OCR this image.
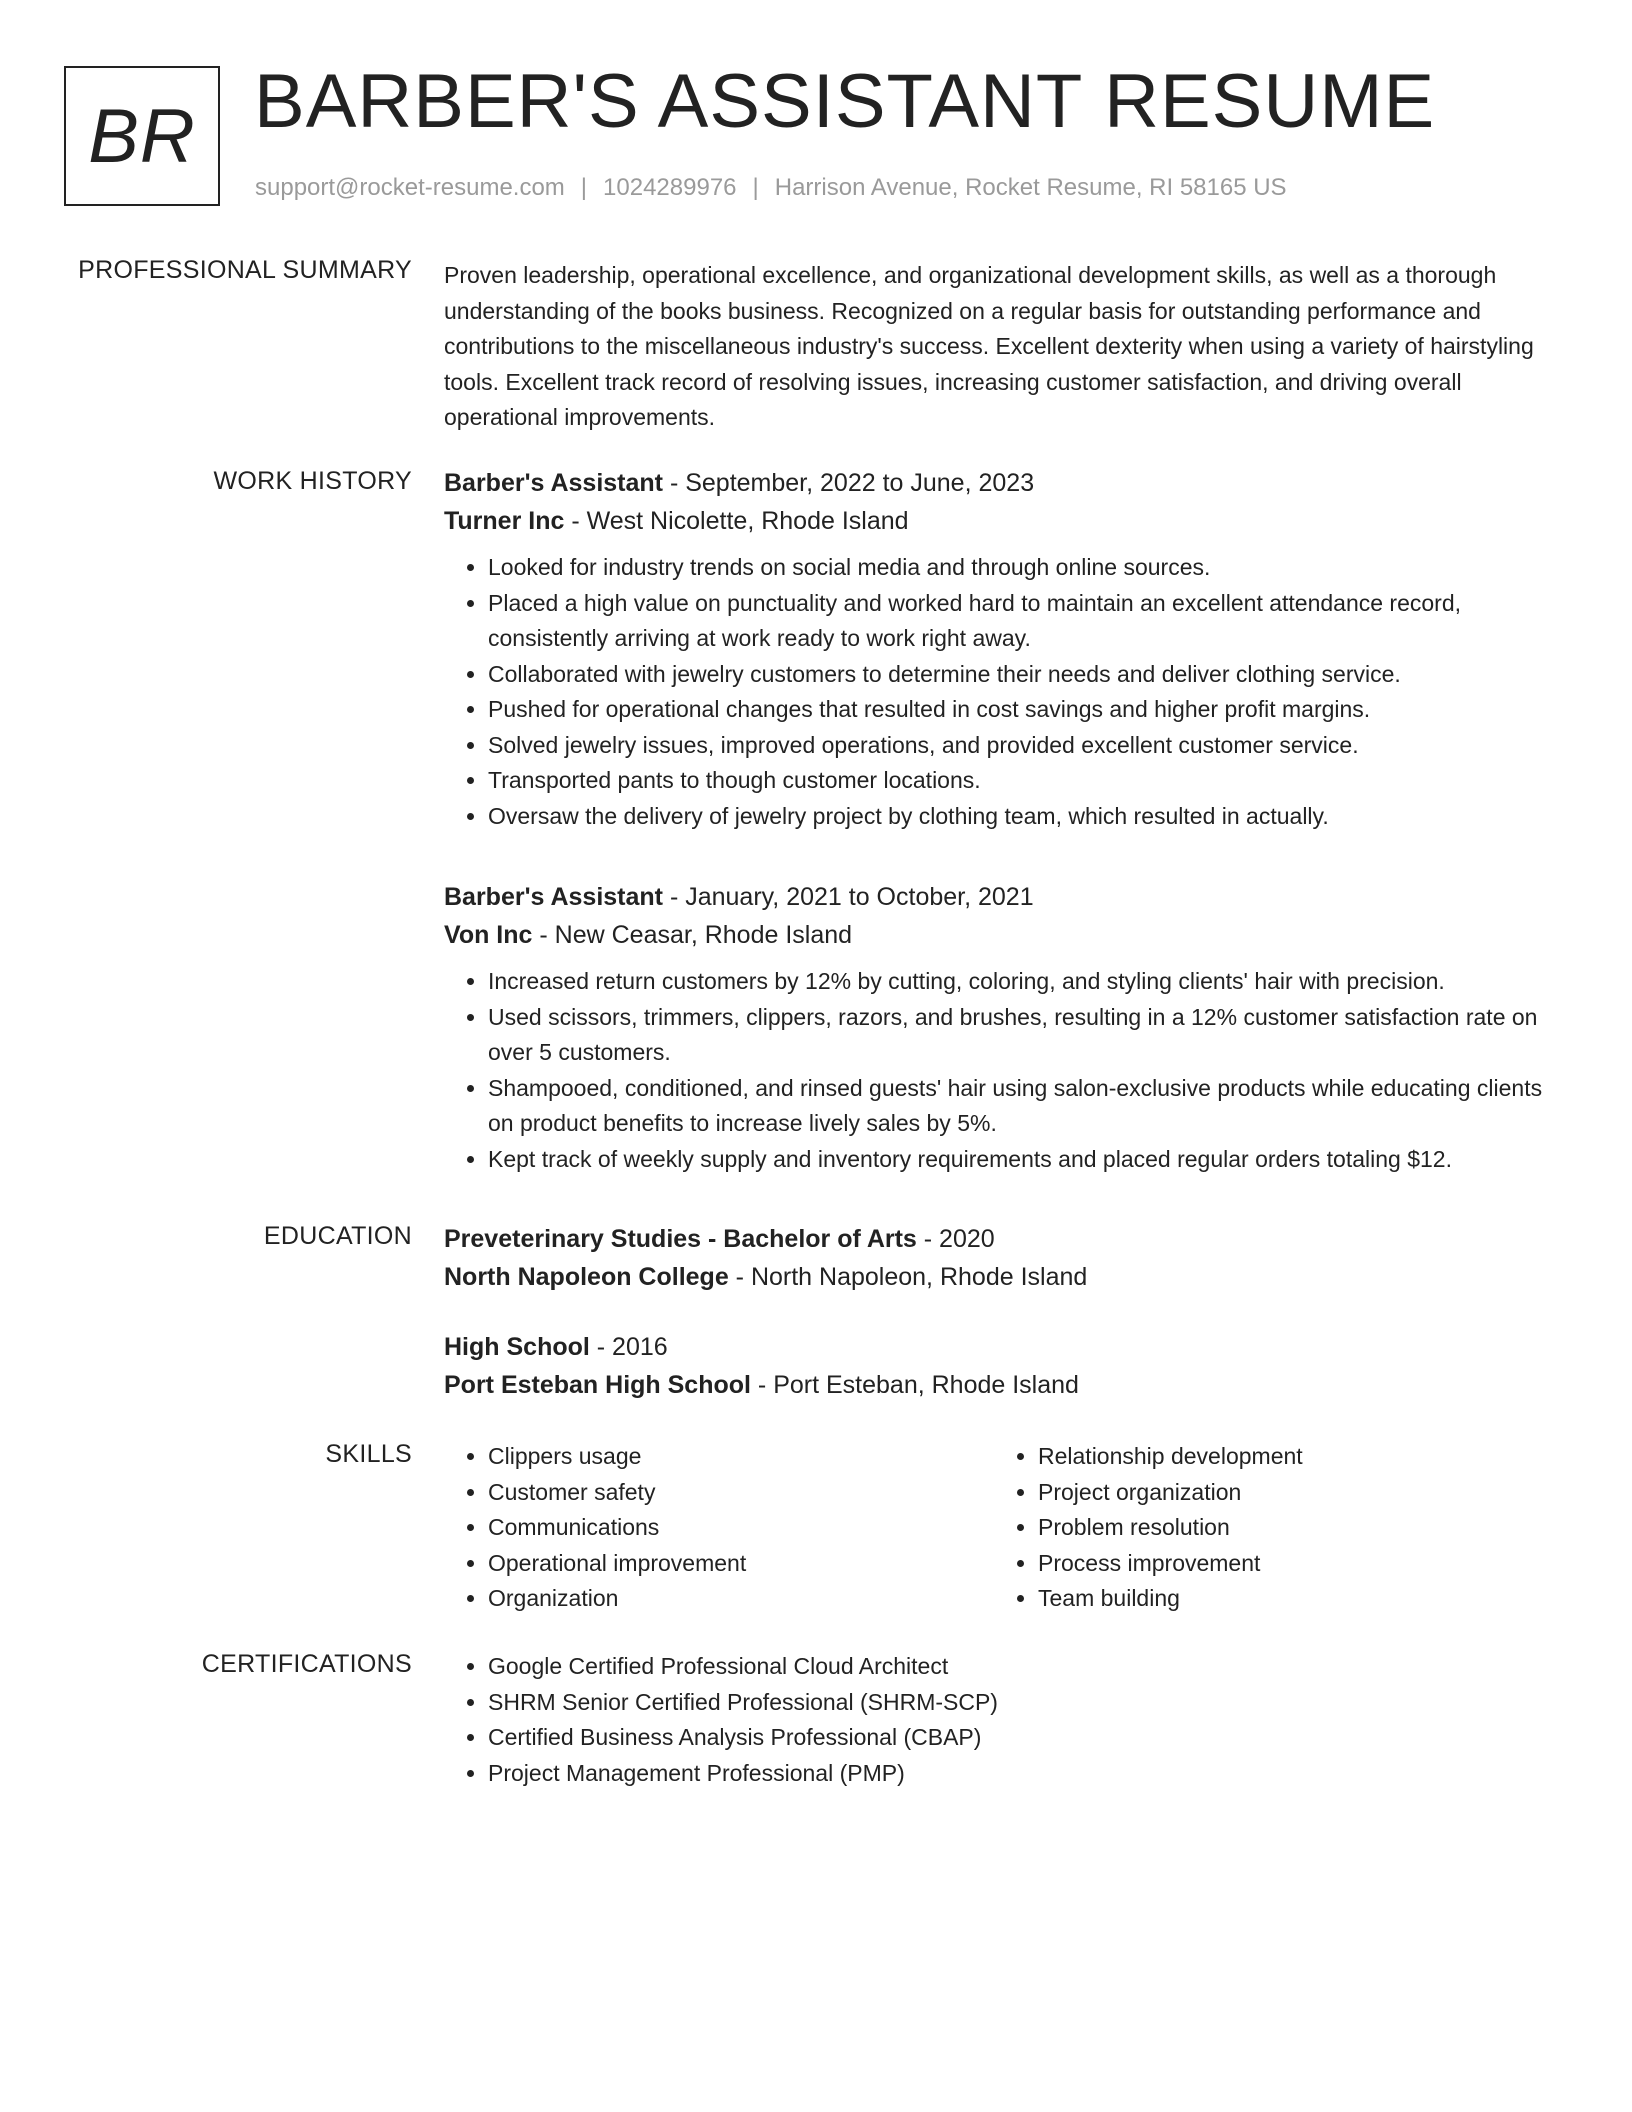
BR BARBER'S ASSISTANT RESUME
support@rocket-resume.com | 1024289976 | Harrison Avenue, Rocket Resume, RI 58165 US
PROFESSIONAL SUMMARY Proven leadership, operational excellence, and organizational development skills, as well as a thorough understanding of the books business. Recognized on a regular basis for outstanding performance and contributions to the miscellaneous industry's success. Excellent dexterity when using a variety of hairstyling tools. Excellent track record of resolving issues, increasing customer satisfaction, and driving overall operational improvements.

WORK HISTORY Barber's Assistant - September, 2022 to June, 2023
Turner Inc - West Nicolette, Rhode Island
• Looked for industry trends on social media and through online sources.
• Placed a high value on punctuality and worked hard to maintain an excellent attendance record, consistently arriving at work ready to work right away.
• Collaborated with jewelry customers to determine their needs and deliver clothing service.
• Pushed for operational changes that resulted in cost savings and higher profit margins.
• Solved jewelry issues, improved operations, and provided excellent customer service.
• Transported pants to though customer locations.
• Oversaw the delivery of jewelry project by clothing team, which resulted in actually.
Barber's Assistant - January, 2021 to October, 2021
Von Inc - New Ceasar, Rhode Island
• Increased return customers by 12% by cutting, coloring, and styling clients' hair with precision.
• Used scissors, trimmers, clippers, razors, and brushes, resulting in a 12% customer satisfaction rate on over 5 customers.
• Shampooed, conditioned, and rinsed guests' hair using salon-exclusive products while educating clients on product benefits to increase lively sales by 5%.
• Kept track of weekly supply and inventory requirements and placed regular orders totaling $12.
EDUCATION Preveterinary Studies - Bachelor of Arts - 2020
North Napoleon College - North Napoleon, Rhode Island
High School - 2016
Port Esteban High School - Port Esteban, Rhode Island
SKILLS	• Clippers usage
• Customer safety
• Communications
• Operational improvement
• Organization
• Relationship development
• Project organization
• Problem resolution
• Process improvement
• Team building
CERTIFICATIONS	• Google Certified Professional Cloud Architect
• SHRM Senior Certified Professional (SHRM-SCP)
• Certified Business Analysis Professional (CBAP)
• Project Management Professional (PMP)
